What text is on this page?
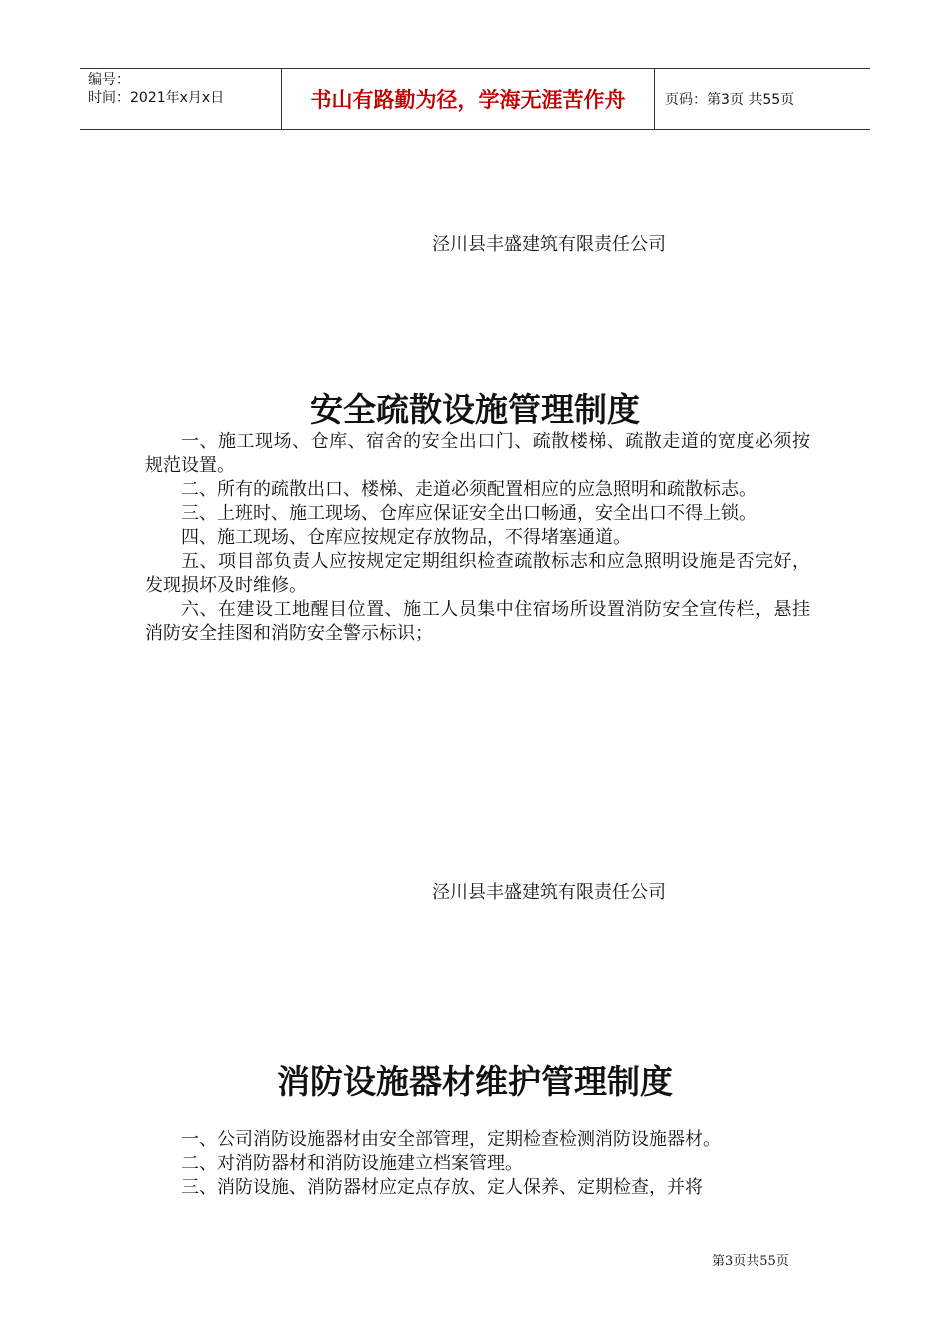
编号：
时间：2021年x月x日	书山有路勤为径，学海无涯苦作舟	页码：第3页 共55页
泾川县丰盛建筑有限责任公司
安全疏散设施管理制度

一、施工现场、仓库、宿舍的安全出口门、疏散楼梯、疏散走道的宽度必须按规范设置。

二、所有的疏散出口、楼梯、走道必须配置相应的应急照明和疏散标志。

三、上班时、施工现场、仓库应保证安全出口畅通，安全出口不得上锁。

四、施工现场、仓库应按规定存放物品，不得堵塞通道。

五、项目部负责人应按规定定期组织检查疏散标志和应急照明设施是否完好，发现损坏及时维修。

六、在建设工地醒目位置、施工人员集中住宿场所设置消防安全宣传栏，悬挂消防安全挂图和消防安全警示标识；

泾川县丰盛建筑有限责任公司
消防设施器材维护管理制度

一、公司消防设施器材由安全部管理，定期检查检测消防设施器材。

二、对消防器材和消防设施建立档案管理。

三、消防设施、消防器材应定点存放、定人保养、定期检查，并将

第3页共55页
